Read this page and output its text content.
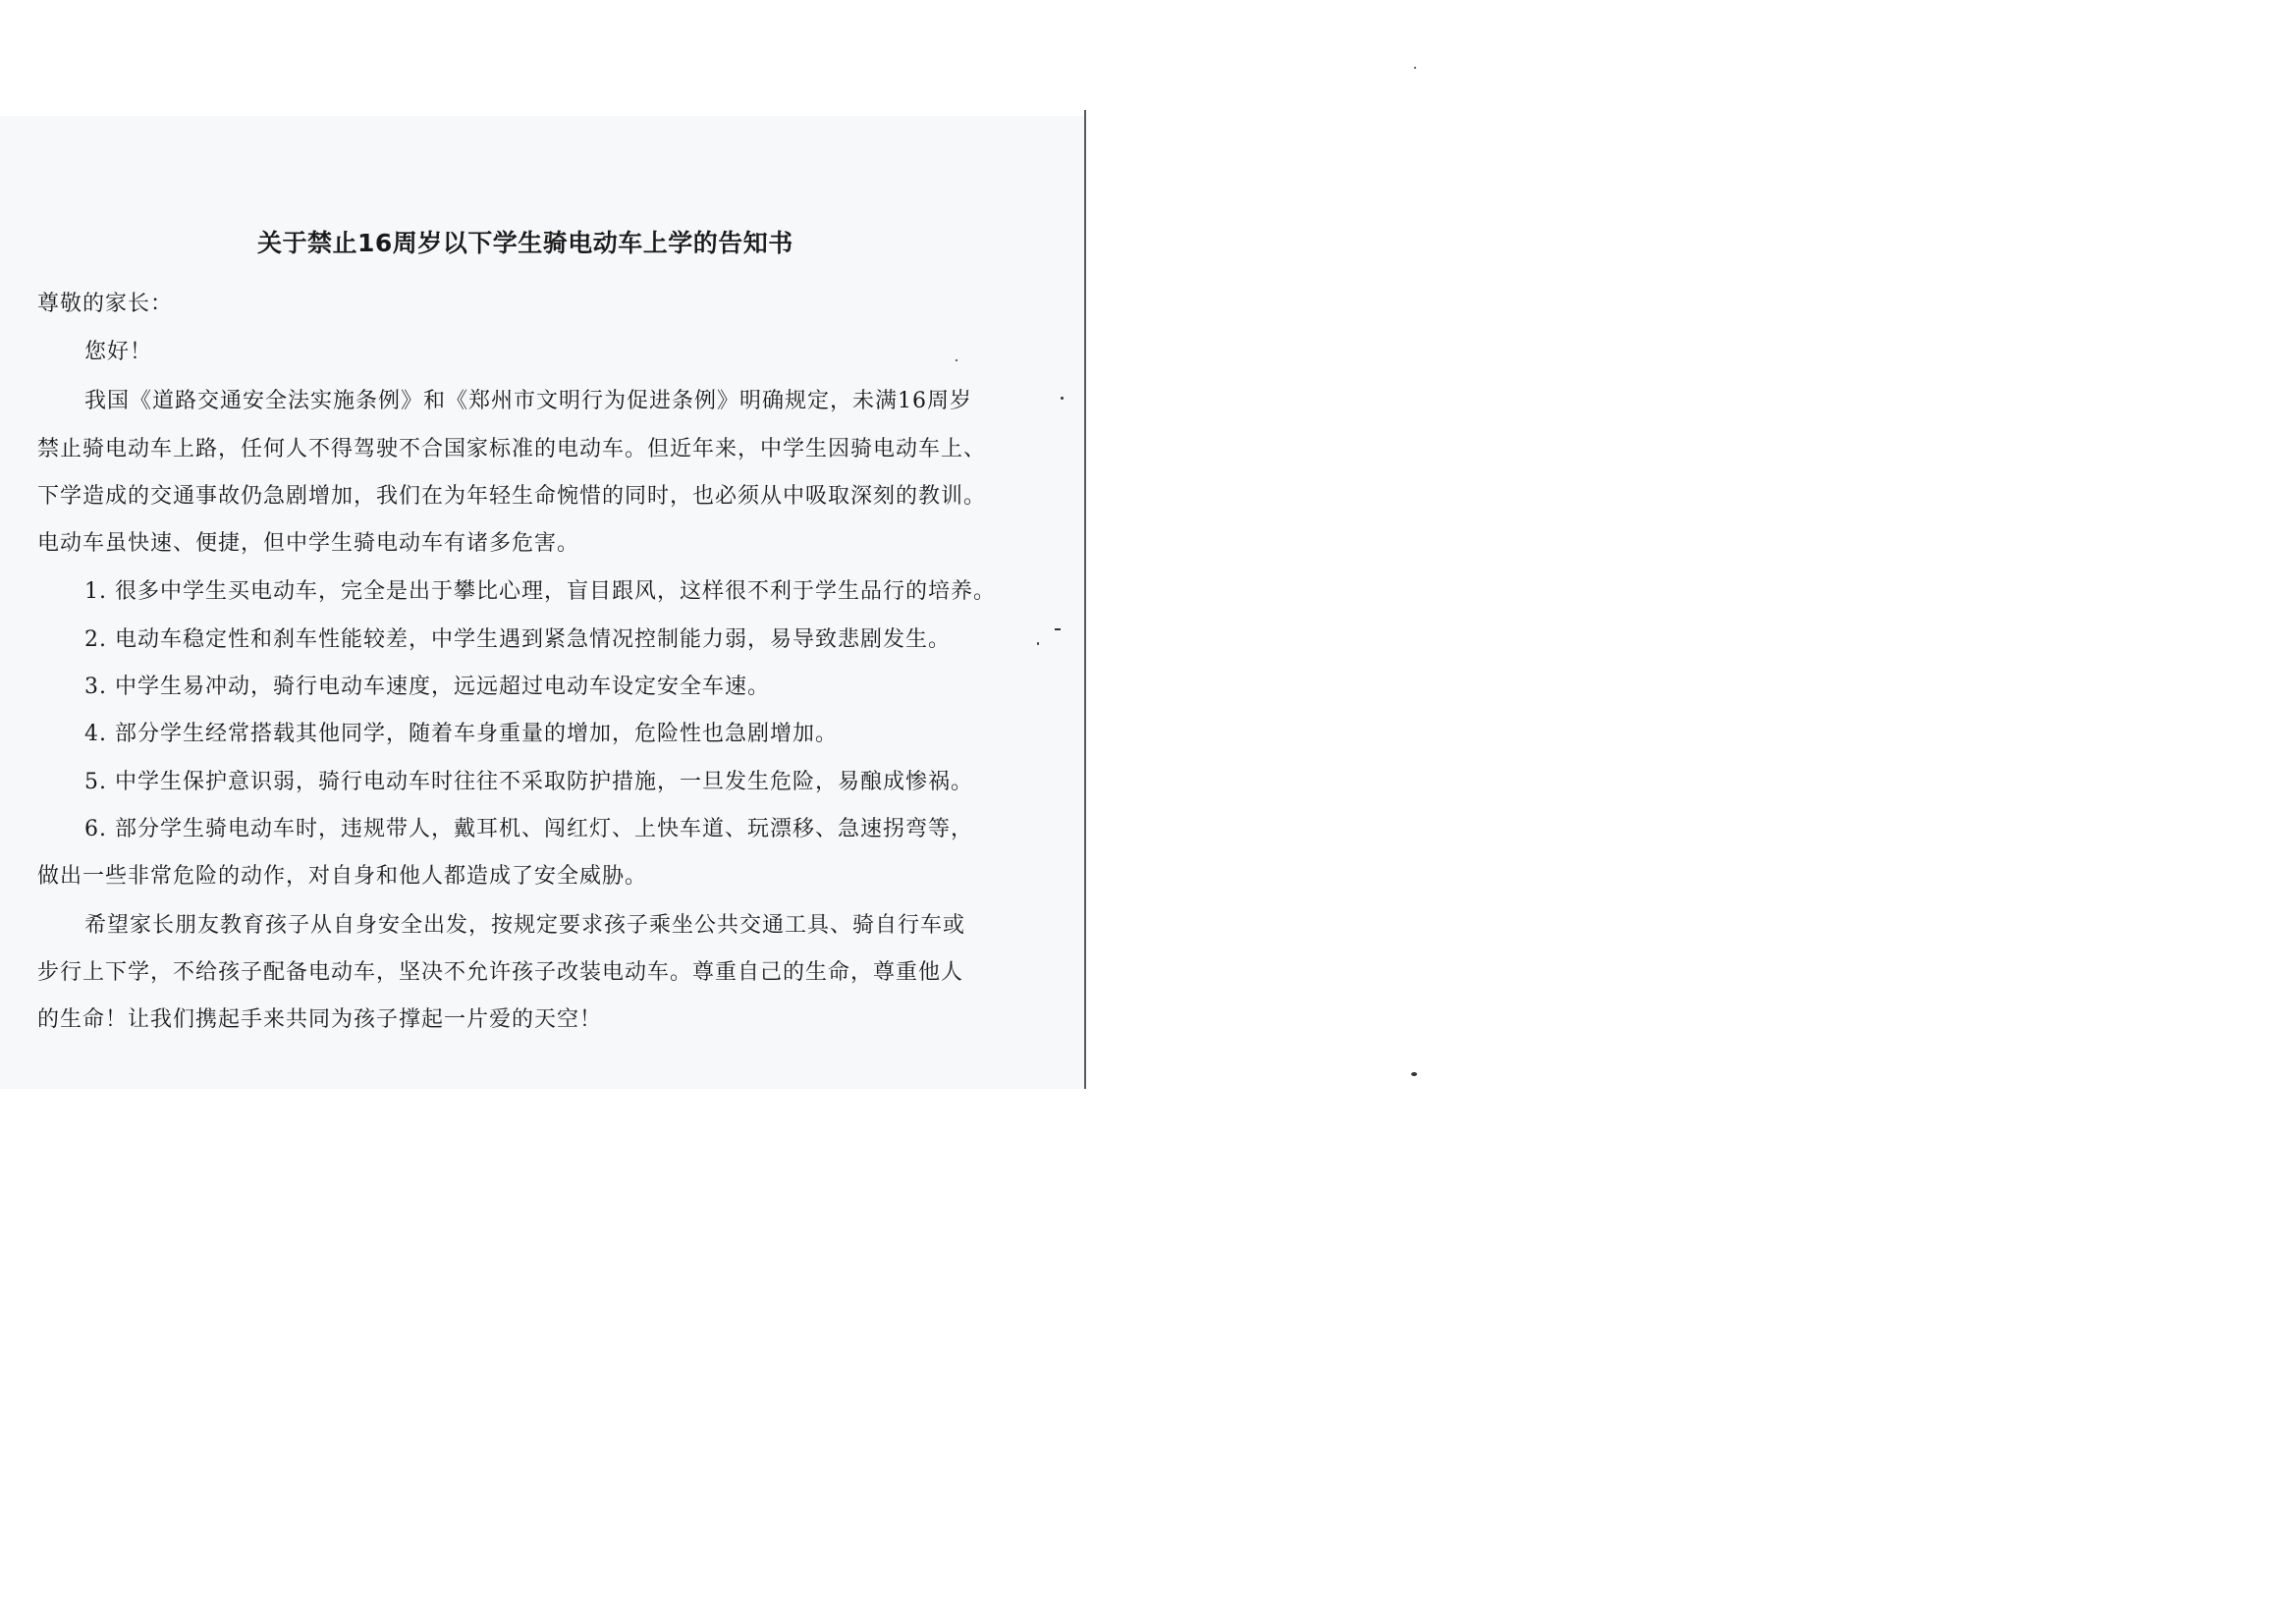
关于禁止16周岁以下学生骑电动车上学的告知书
尊敬的家长：
您好！
我国《道路交通安全法实施条例》和《郑州市文明行为促进条例》明确规定，未满16周岁
禁止骑电动车上路，任何人不得驾驶不合国家标准的电动车。但近年来，中学生因骑电动车上、
下学造成的交通事故仍急剧增加，我们在为年轻生命惋惜的同时，也必须从中吸取深刻的教训。
电动车虽快速、便捷，但中学生骑电动车有诸多危害。
1. 很多中学生买电动车，完全是出于攀比心理，盲目跟风，这样很不利于学生品行的培养。
2. 电动车稳定性和刹车性能较差，中学生遇到紧急情况控制能力弱，易导致悲剧发生。
3. 中学生易冲动，骑行电动车速度，远远超过电动车设定安全车速。
4. 部分学生经常搭载其他同学，随着车身重量的增加，危险性也急剧增加。
5. 中学生保护意识弱，骑行电动车时往往不采取防护措施，一旦发生危险，易酿成惨祸。
6. 部分学生骑电动车时，违规带人，戴耳机、闯红灯、上快车道、玩漂移、急速拐弯等，
做出一些非常危险的动作，对自身和他人都造成了安全威胁。
希望家长朋友教育孩子从自身安全出发，按规定要求孩子乘坐公共交通工具、骑自行车或
步行上下学，不给孩子配备电动车，坚决不允许孩子改装电动车。尊重自己的生命，尊重他人
的生命！让我们携起手来共同为孩子撑起一片爱的天空！
